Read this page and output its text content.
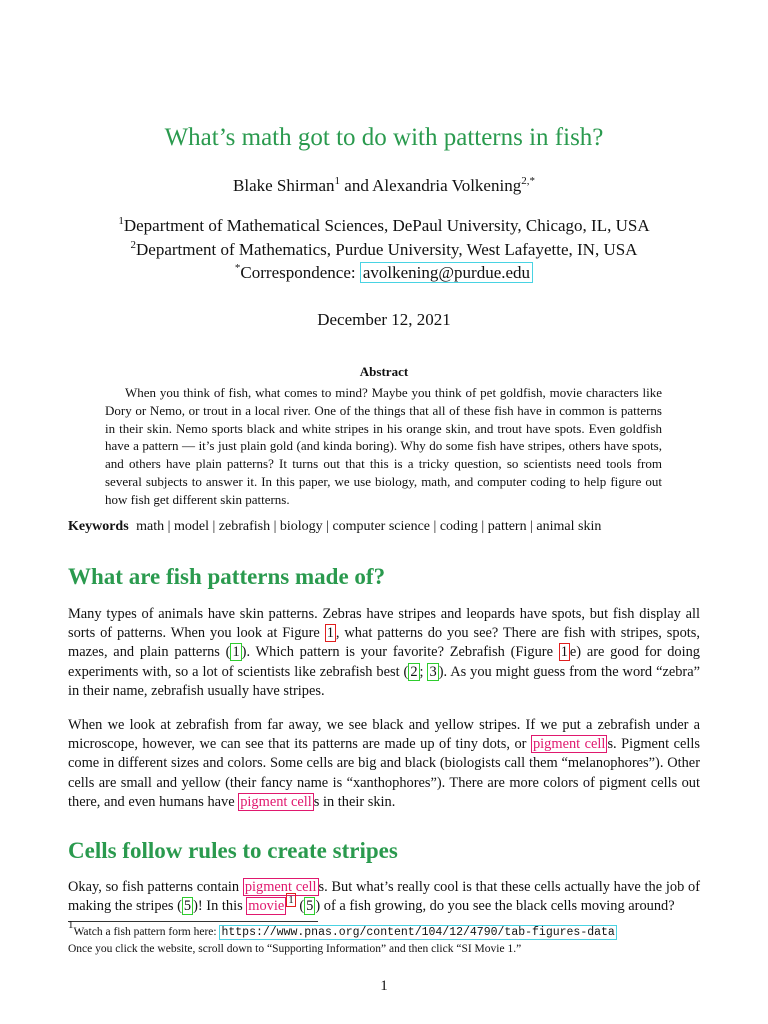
What’s math got to do with patterns in fish?
Blake Shirman$^1$ and Alexandria Volkening$^{2,*}$
$^1$Department of Mathematical Sciences, DePaul University, Chicago, IL, USA
$^2$Department of Mathematics, Purdue University, West Lafayette, IN, USA
*Correspondence: avolkening@purdue.edu
December 12, 2021
Abstract
When you think of fish, what comes to mind? Maybe you think of pet goldfish, movie characters like Dory or Nemo, or trout in a local river. One of the things that all of these fish have in common is patterns in their skin. Nemo sports black and white stripes in his orange skin, and trout have spots. Even goldfish have a pattern — it’s just plain gold (and kinda boring). Why do some fish have stripes, others have spots, and others have plain patterns? It turns out that this is a tricky question, so scientists need tools from several subjects to answer it. In this paper, we use biology, math, and computer coding to help figure out how fish get different skin patterns.
Keywords math | model | zebrafish | biology | computer science | coding | pattern | animal skin
What are fish patterns made of?
Many types of animals have skin patterns. Zebras have stripes and leopards have spots, but fish display all sorts of patterns. When you look at Figure 1 , what patterns do you see? There are fish with stripes, spots, mazes, and plain patterns ( 1 ). Which pattern is your favorite? Zebrafish (Figure 1 e) are good for doing experiments with, so a lot of scientists like zebrafish best ( 2 ; 3 ). As you might guess from the word “zebra” in their name, zebrafish usually have stripes.
When we look at zebrafish from far away, we see black and yellow stripes. If we put a zebrafish under a microscope, however, we can see that its patterns are made up of tiny dots, or pigment cell s. Pigment cells come in different sizes and colors. Some cells are big and black (biologists call them “melanophores”). Other cells are small and yellow (their fancy name is “xanthophores”). There are more colors of pigment cells out there, and even humans have pigment cell s in their skin.
Cells follow rules to create stripes
Okay, so fish patterns contain pigment cell s. But what’s really cool is that these cells actually have the job of making the stripes ( 5 )! In this movie $^1$ ( 5 ) of a fish growing, do you see the black cells moving around?
$^1$Watch a fish pattern form here: https://www.pnas.org/content/104/12/4790/tab-figures-data
Once you click the website, scroll down to “Supporting Information” and then click “SI Movie 1.”
1
